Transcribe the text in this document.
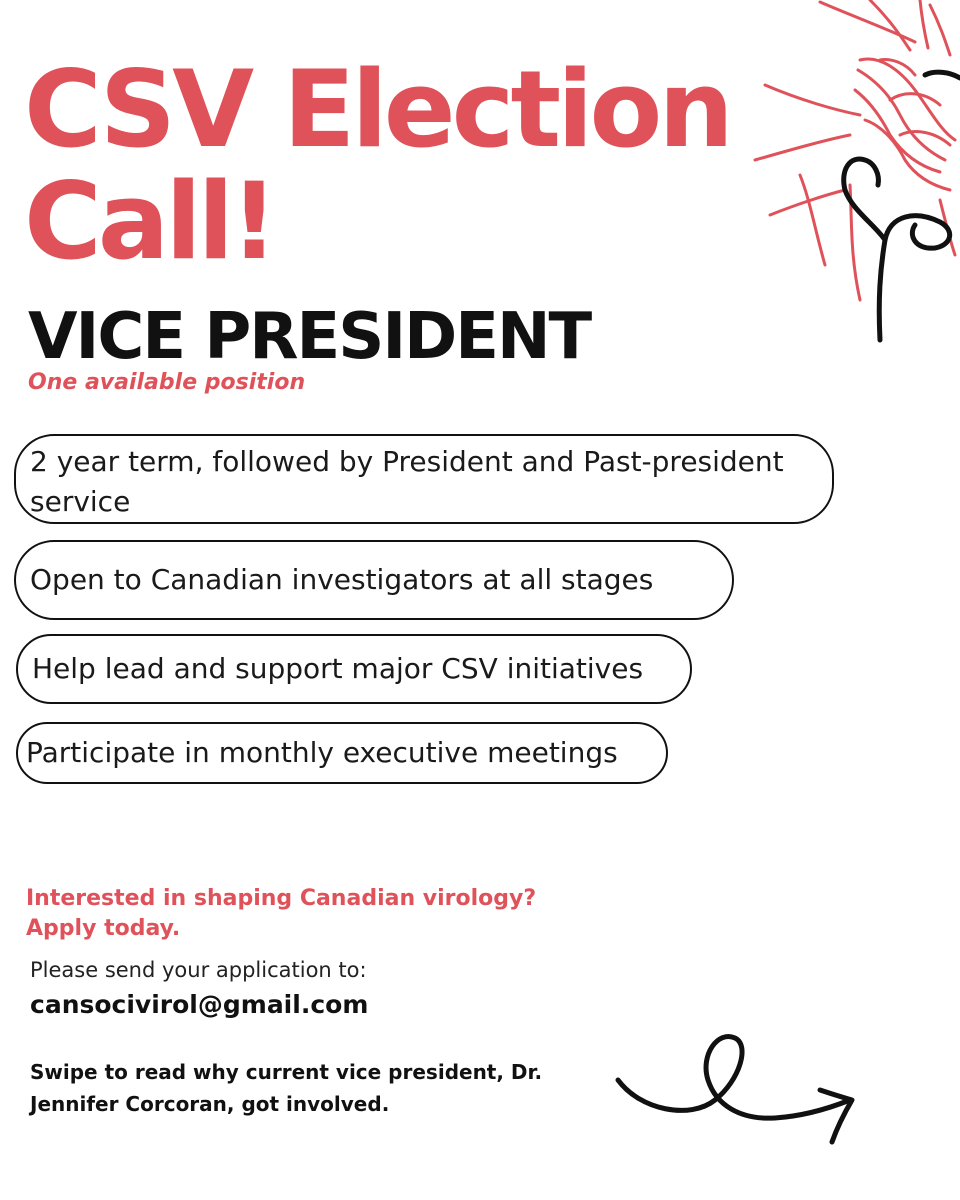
CSV Election Call!
VICE PRESIDENT

One available position

2 year term, followed by President and Past-president service
Open to Canadian investigators at all stages
Help lead and support major CSV initiatives
Participate in monthly executive meetings

Interested in shaping Canadian virology? Apply today.

Please send your application to:

cansocivirol@gmail.com

Swipe to read why current vice president, Dr. Jennifer Corcoran, got involved.
